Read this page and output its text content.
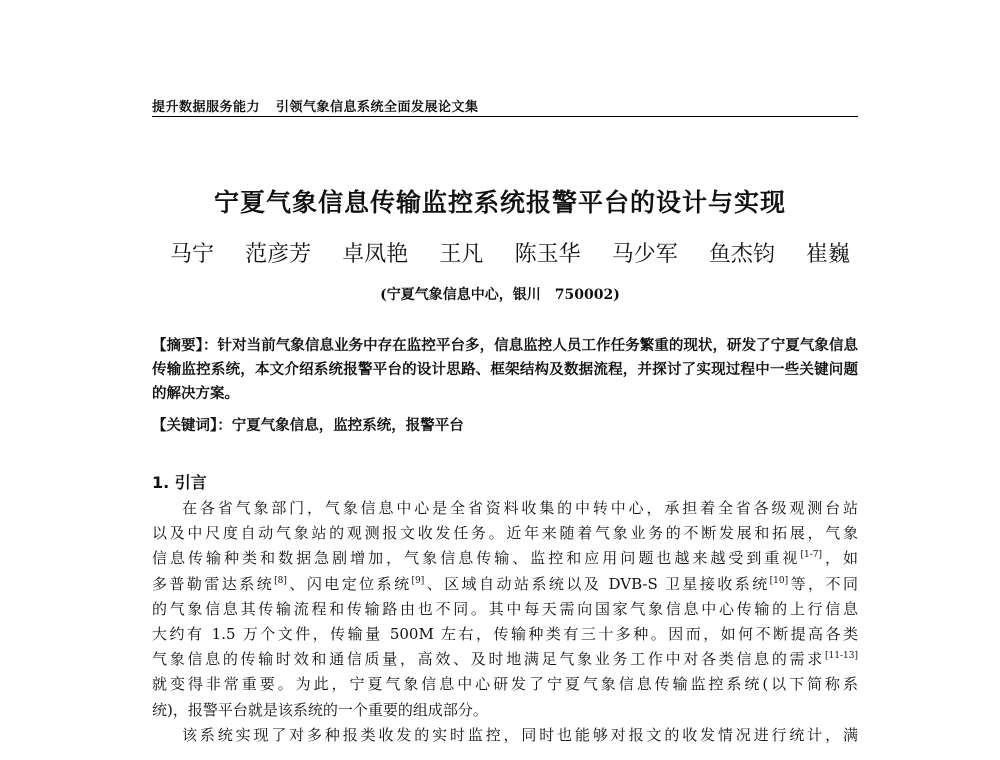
提升数据服务能力 引领气象信息系统全面发展论文集
宁夏气象信息传输监控系统报警平台的设计与实现
马宁 范彦芳 卓凤艳 王凡 陈玉华 马少军 鱼杰钧 崔巍
(宁夏气象信息中心，银川　750002)
【摘要】：针对当前气象信息业务中存在监控平台多，信息监控人员工作任务繁重的现状，研发了宁夏气象信息传输监控系统，本文介绍系统报警平台的设计思路、框架结构及数据流程，并探讨了实现过程中一些关键问题的解决方案。
【关键词】：宁夏气象信息，监控系统，报警平台
1. 引言
在各省气象部门，气象信息中心是全省资料收集的中转中心，承担着全省各级观测台站
以及中尺度自动气象站的观测报文收发任务。近年来随着气象业务的不断发展和拓展，气象
信息传输种类和数据急剧增加，气象信息传输、监控和应用问题也越来越受到重视[1-7]，如
多普勒雷达系统[8]、闪电定位系统[9]、区域自动站系统以及 DVB-S 卫星接收系统[10]等，不同
的气象信息其传输流程和传输路由也不同。其中每天需向国家气象信息中心传输的上行信息
大约有 1.5 万个文件，传输量 500M 左右，传输种类有三十多种。因而，如何不断提高各类
气象信息的传输时效和通信质量，高效、及时地满足气象业务工作中对各类信息的需求[11-13]
就变得非常重要。为此，宁夏气象信息中心研发了宁夏气象信息传输监控系统(以下简称系
统)，报警平台就是该系统的一个重要的组成部分。
该系统实现了对多种报类收发的实时监控，同时也能够对报文的收发情况进行统计，满
